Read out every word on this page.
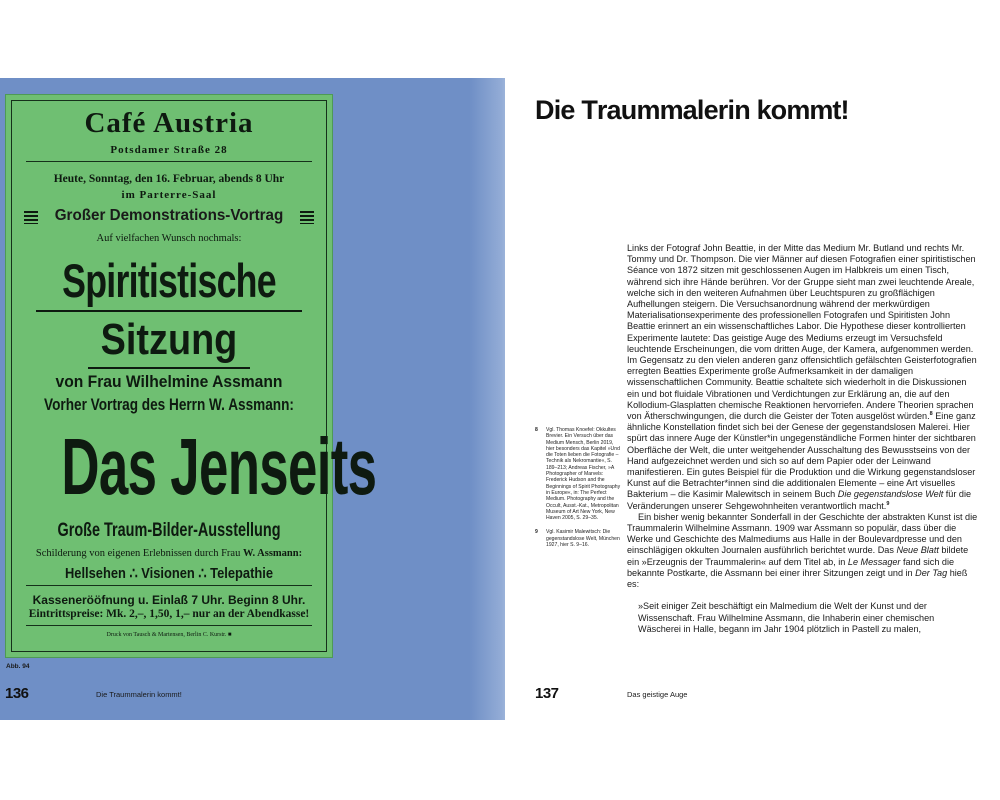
Café Austria
Potsdamer Straße 28
Heute, Sonntag, den 16. Februar, abends 8 Uhr
im Parterre-Saal
Großer Demonstrations-Vortrag
Auf vielfachen Wunsch nochmals:
Spiritistische
Sitzung
von Frau Wilhelmine Assmann
Vorher Vortrag des Herrn W. Assmann:
Das Jenseits
Große Traum-Bilder-Ausstellung
Schilderung von eigenen Erlebnissen durch Frau W. Assmann:
Hellsehen ∴ Visionen ∴ Telepathie
Kassenerööfnung u. Einlaß 7 Uhr. Beginn 8 Uhr.
Eintrittspreise: Mk. 2,–, 1,50, 1,– nur an der Abendkasse!
Druck von Tausch & Martensen, Berlin C. Kurstr. ■
Abb. 94
136	Die Traummalerin kommt!
Die Traummalerin kommt!
8 Vgl. Thomas Knoefel: Okkultes Brevier. Ein Versuch über das Medium Mensch, Berlin 2019, hier besonders das Kapitel »Und die Toten lieben die Fotografie – Technik als Nekromantie«, S. 189–213; Andreas Fischer, »A Photographer of Marvels: Frederick Hudson and the Beginnings of Spirit Photography in Europe«, in: The Perfect Medium. Photography and the Occult, Ausst.-Kat., Metropolitan Museum of Art New York, New Haven 2005, S. 29–35.
9 Vgl. Kasimir Malewitsch: Die gegenstandslose Welt, München 1927, hier S. 9–16.

Links der Fotograf John Beattie, in der Mitte das Medium Mr. Butland und rechts Mr. Tommy und Dr. Thompson. Die vier Männer auf diesen Fotografien einer spiritistischen Séance von 1872 sitzen mit geschlossenen Augen im Halbkreis um einen Tisch, während sich ihre Hände berühren. Vor der Gruppe sieht man zwei leuchtende Areale, welche sich in den weiteren Aufnahmen über Leuchtspuren zu großflächigen Aufhellungen steigern. Die Versuchsanordnung während der merkwürdigen Materialisationsexperimente des professionellen Fotografen und Spiritisten John Beattie erinnert an ein wissenschaftliches Labor. Die Hypothese dieser kontrollierten Experimente lautete: Das geistige Auge des Mediums erzeugt im Versuchsfeld leuchtende Erscheinungen, die vom dritten Auge, der Kamera, aufgenommen werden. Im Gegensatz zu den vielen anderen ganz offensichtlich gefälschten Geisterfotografien erregten Beatties Experimente große Aufmerksamkeit in der damaligen wissenschaftlichen Community. Beattie schaltete sich wiederholt in die Diskussionen ein und bot fluidale Vibrationen und Verdichtungen zur Erklärung an, die auf den Kollodium-Glasplatten chemische Reaktionen hervorriefen. Andere Theorien sprachen von Ätherschwingungen, die durch die Geister der Toten ausgelöst würden.$^8$ Eine ganz ähnliche Konstellation findet sich bei der Genese der gegenstandslosen Malerei. Hier spürt das innere Auge der Künstler*in ungegenständliche Formen hinter der sichtbaren Oberfläche der Welt, die unter weitgehender Ausschaltung des Bewusstseins von der Hand aufgezeichnet werden und sich so auf dem Papier oder der Leinwand manifestieren. Ein gutes Beispiel für die Produktion und die Wirkung gegenstandsloser Kunst auf die Betrachter*innen sind die additionalen Elemente – eine Art visuelles Bakterium – die Kasimir Malewitsch in seinem Buch Die gegenstandslose Welt für die Veränderungen unserer Sehgewohnheiten verantwortlich macht.$^9$

Ein bisher wenig bekannter Sonderfall in der Geschichte der abstrakten Kunst ist die Traummalerin Wilhelmine Assmann. 1909 war Assmann so populär, dass über die Werke und Geschichte des Malmediums aus Halle in der Boulevardpresse und den einschlägigen okkulten Journalen ausführlich berichtet wurde. Das Neue Blatt bildete ein »Erzeugnis der Traummalerin« auf dem Titel ab, in Le Messager fand sich die bekannte Postkarte, die Assmann bei einer ihrer Sitzungen zeigt und in Der Tag hieß es:

»Seit einiger Zeit beschäftigt ein Malmedium die Welt der Kunst und der Wissenschaft. Frau Wilhelmine Assmann, die Inhaberin einer chemischen Wäscherei in Halle, begann im Jahr 1904 plötzlich in Pastell zu malen,

137	Das geistige Auge
